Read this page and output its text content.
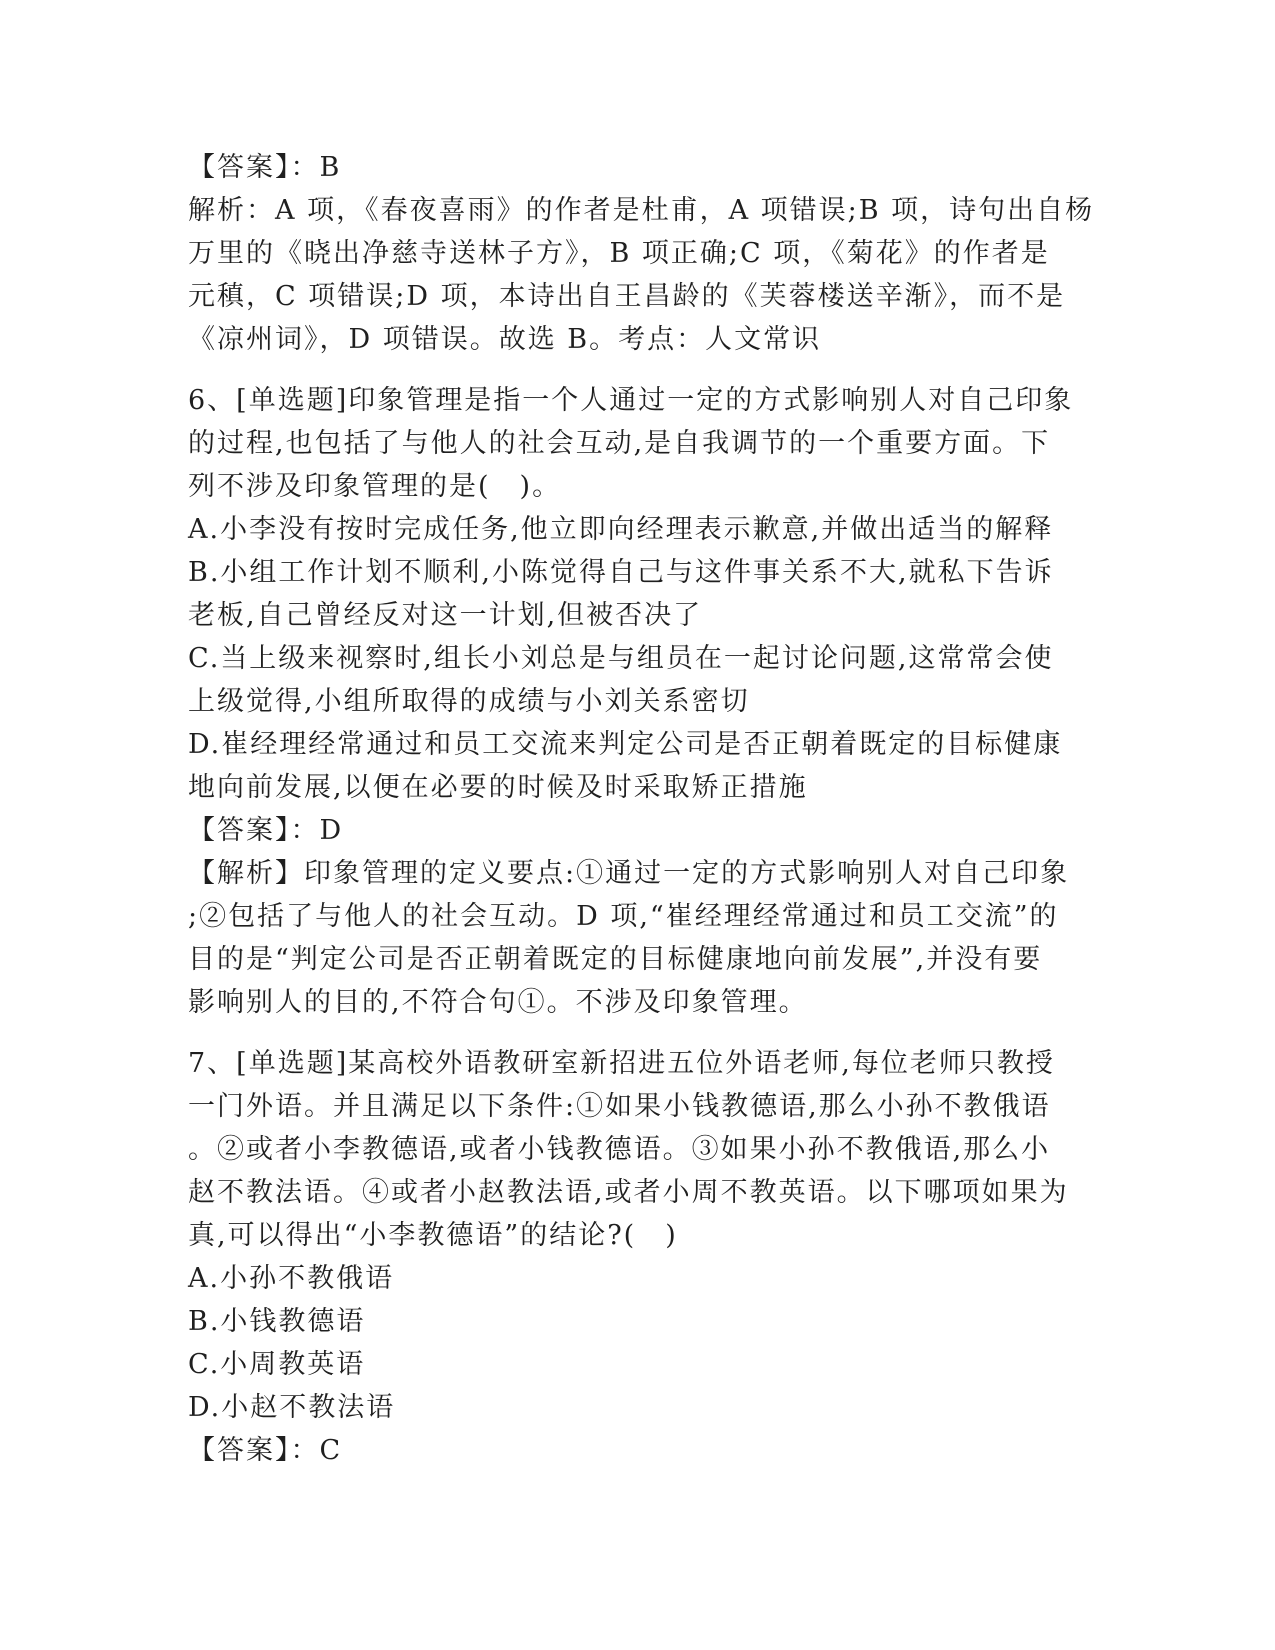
【答案】：B
解析：A 项，《春夜喜雨》的作者是杜甫，A 项错误;B 项，诗句出自杨
万里的《晓出净慈寺送林子方》，B 项正确;C 项，《菊花》的作者是
元稹，C 项错误;D 项，本诗出自王昌龄的《芙蓉楼送辛渐》，而不是
《凉州词》，D 项错误。故选 B。考点：人文常识
6、[单选题]印象管理是指一个人通过一定的方式影响别人对自己印象
的过程,也包括了与他人的社会互动,是自我调节的一个重要方面。下
列不涉及印象管理的是(　)。
A.小李没有按时完成任务,他立即向经理表示歉意,并做出适当的解释
B.小组工作计划不顺利,小陈觉得自己与这件事关系不大,就私下告诉
老板,自己曾经反对这一计划,但被否决了
C.当上级来视察时,组长小刘总是与组员在一起讨论问题,这常常会使
上级觉得,小组所取得的成绩与小刘关系密切
D.崔经理经常通过和员工交流来判定公司是否正朝着既定的目标健康
地向前发展,以便在必要的时候及时采取矫正措施
【答案】：D
【解析】印象管理的定义要点:①通过一定的方式影响别人对自己印象
;②包括了与他人的社会互动。D 项,“崔经理经常通过和员工交流”的
目的是“判定公司是否正朝着既定的目标健康地向前发展”,并没有要
影响别人的目的,不符合句①。不涉及印象管理。
7、[单选题]某高校外语教研室新招进五位外语老师,每位老师只教授
一门外语。并且满足以下条件:①如果小钱教德语,那么小孙不教俄语
。②或者小李教德语,或者小钱教德语。③如果小孙不教俄语,那么小
赵不教法语。④或者小赵教法语,或者小周不教英语。以下哪项如果为
真,可以得出“小李教德语”的结论?(　)
A.小孙不教俄语
B.小钱教德语
C.小周教英语
D.小赵不教法语
【答案】：C
